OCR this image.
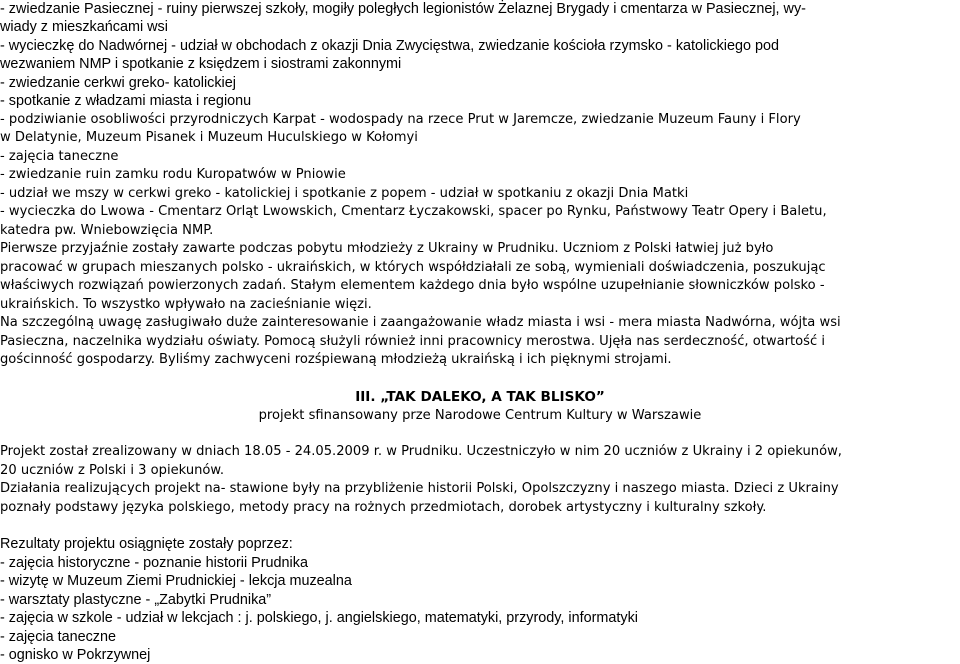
- zwiedzanie Pasiecznej - ruiny pierwszej szkoły, mogiły poległych legionistów Żelaznej Brygady i cmentarza w Pasiecznej, wy-
wiady z mieszkańcami wsi
- wycieczkę do Nadwórnej - udział w obchodach z okazji Dnia Zwycięstwa, zwiedzanie kościoła rzymsko - katolickiego pod
wezwaniem NMP i spotkanie z księdzem i siostrami zakonnymi
- zwiedzanie cerkwi greko- katolickiej
- spotkanie z władzami miasta i regionu
- podziwianie osobliwości przyrodniczych Karpat - wodospady na rzece Prut w Jaremcze, zwiedzanie Muzeum Fauny i Flory
w Delatynie, Muzeum Pisanek i Muzeum Huculskiego w Kołomyi
- zajęcia taneczne
- zwiedzanie ruin zamku rodu Kuropatwów w Pniowie
- udział we mszy w cerkwi greko - katolickiej i spotkanie z popem - udział w spotkaniu z okazji Dnia Matki
- wycieczka do Lwowa - Cmentarz Orląt Lwowskich, Cmentarz Łyczakowski, spacer po Rynku, Państwowy Teatr Opery i Baletu,
katedra pw. Wniebowzięcia NMP.
Pierwsze przyjaźnie zostały zawarte podczas pobytu młodzieży z Ukrainy w Prudniku. Uczniom z Polski łatwiej już było
pracować w grupach mieszanych polsko - ukraińskich, w których współdziałali ze sobą, wymieniali doświadczenia, poszukując
właściwych rozwiązań powierzonych zadań. Stałym elementem każdego dnia było wspólne uzupełnianie słowniczków polsko -
ukraińskich. To wszystko wpływało na zacieśnianie więzi.
Na szczególną uwagę zasługiwało duże zainteresowanie i zaangażowanie władz miasta i wsi - mera miasta Nadwórna, wójta wsi
Pasieczna, naczelnika wydziału oświaty. Pomocą służyli również inni pracownicy merostwa. Ujęła nas serdeczność, otwartość i
gościnność gospodarzy. Byliśmy zachwyceni rozśpiewaną młodzieżą ukraińską i ich pięknymi strojami.
III. „TAK DALEKO, A TAK BLISKO”
projekt sfinansowany prze Narodowe Centrum Kultury w Warszawie
Projekt został zrealizowany w dniach 18.05 - 24.05.2009 r. w Prudniku. Uczestniczyło w nim 20 uczniów z Ukrainy i 2 opiekunów,
20 uczniów z Polski i 3 opiekunów.
Działania realizujących projekt na- stawione były na przybliżenie historii Polski, Opolszczyzny i naszego miasta. Dzieci z Ukrainy
poznały podstawy języka polskiego, metody pracy na rożnych przedmiotach, dorobek artystyczny i kulturalny szkoły.
Rezultaty projektu osiągnięte zostały poprzez:
- zajęcia historyczne - poznanie historii Prudnika
- wizytę w Muzeum Ziemi Prudnickiej - lekcja muzealna
- warsztaty plastyczne - „Zabytki Prudnika”
- zajęcia w szkole - udział w lekcjach : j. polskiego, j. angielskiego, matematyki, przyrody, informatyki
- zajęcia taneczne
- ognisko w Pokrzywnej
